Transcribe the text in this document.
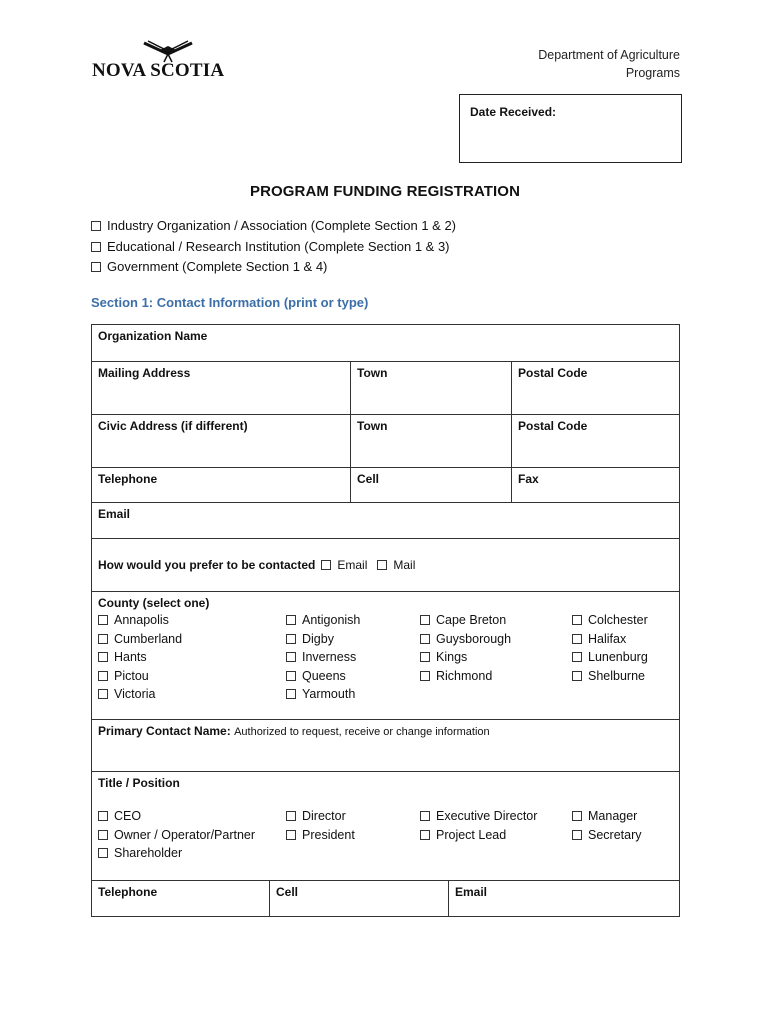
NOVA SCOTIA
Department of Agriculture
Programs
Date Received:
PROGRAM FUNDING REGISTRATION
Industry Organization / Association (Complete Section 1 & 2)
Educational / Research Institution (Complete Section 1 & 3)
Government (Complete Section 1 & 4)
Section 1: Contact Information (print or type)
Organization Name
Mailing Address	Town	Postal Code
Civic Address (if different)	Town	Postal Code
Telephone	Cell	Fax
Email
How would you prefer to be contacted Email Mail
County (select one)
Annapolis	Antigonish	Cape Breton	Colchester
Cumberland	Digby	Guysborough	Halifax
Hants	Inverness	Kings	Lunenburg
Pictou	Queens	Richmond	Shelburne
Victoria	Yarmouth
Primary Contact Name: Authorized to request, receive or change information
Title / Position
CEO	Director	Executive Director	Manager
Owner / Operator/Partner	President	Project Lead	Secretary
Shareholder
Telephone	Cell	Email
